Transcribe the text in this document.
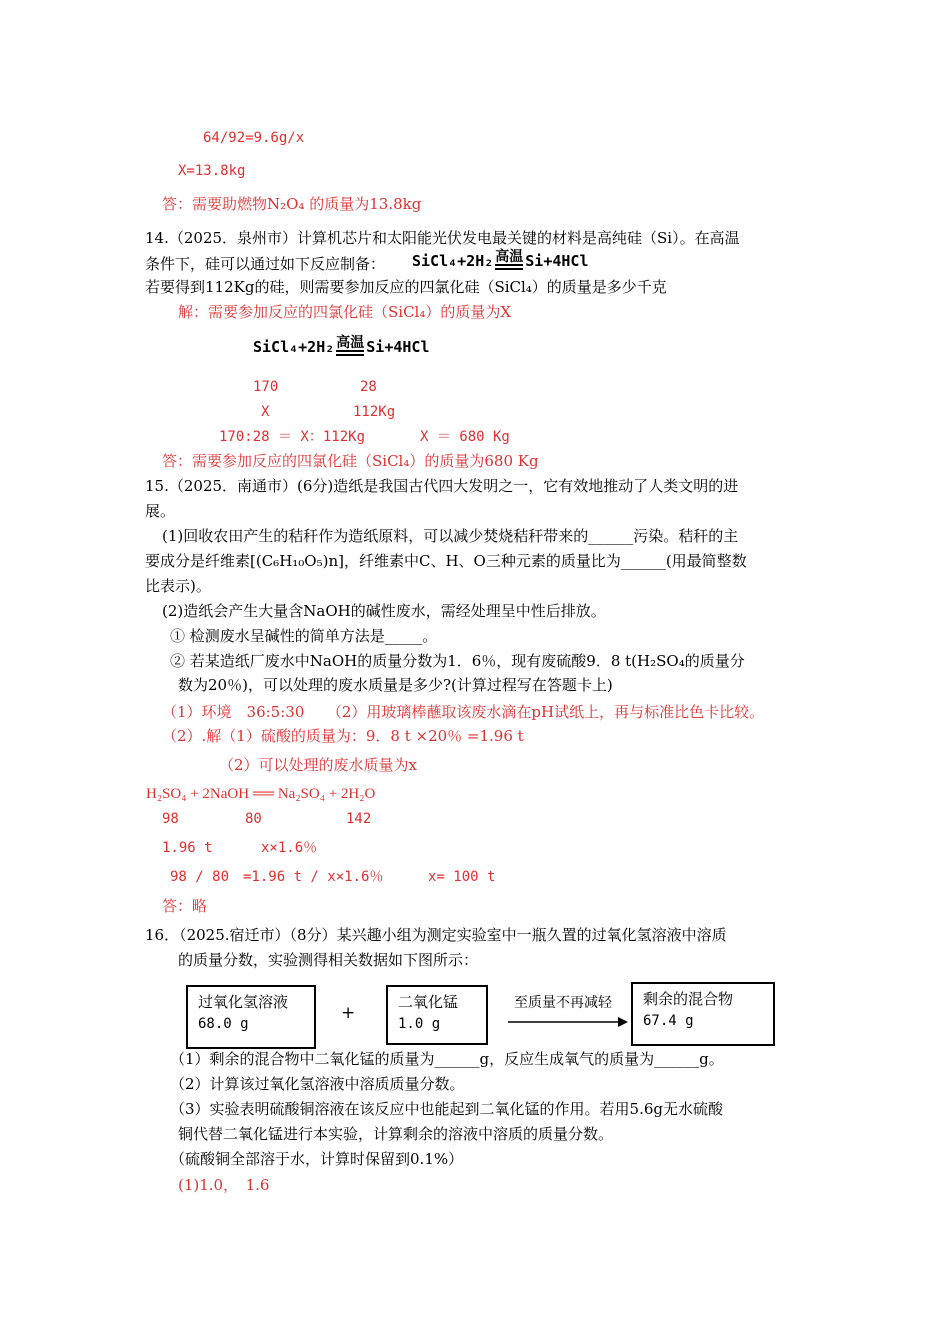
64/92=9.6g/x
X=13.8kg
答：需要助燃物N₂O₄ 的质量为13.8kg
14.（2025．泉州市）计算机芯片和太阳能光伏发电最关键的材料是高纯硅（Si）。在高温
条件下，硅可以通过如下反应制备： SiCl₄+2H₂ 高温 Si+4HCl
若要得到112Kg的硅，则需要参加反应的四氯化硅（SiCl₄）的质量是多少千克
解：需要参加反应的四氯化硅（SiCl₄）的质量为X
SiCl₄+2H₂ 高温 Si+4HCl
170	28
X	112Kg
170:28 ＝ X：112Kg	X ＝ 680 Kg
答：需要参加反应的四氯化硅（SiCl₄）的质量为680 Kg
15.（2025．南通市）(6分)造纸是我国古代四大发明之一，它有效地推动了人类文明的进
展。
(1)回收农田产生的秸秆作为造纸原料，可以减少焚烧秸秆带来的______污染。秸秆的主
要成分是纤维素[(C₆H₁₀O₅)n]，纤维素中C、H、O三种元素的质量比为______(用最简整数
比表示)。
(2)造纸会产生大量含NaOH的碱性废水，需经处理呈中性后排放。
① 检测废水呈碱性的简单方法是_____。
② 若某造纸厂废水中NaOH的质量分数为1．6％，现有废硫酸9．8 t(H₂SO₄的质量分
数为20％)，可以处理的废水质量是多少?(计算过程写在答题卡上)
（1）环境　36:5:30　　（2）用玻璃棒蘸取该废水滴在pH试纸上，再与标准比色卡比较。
（2）.解（1）硫酸的质量为：9．8 t ×20％ =1.96 t
（2）可以处理的废水质量为x
H₂SO₄ + 2NaOH ══ Na₂SO₄ + 2H₂O
98	80	142
1.96 t	x×1.6％
98 / 80　=1.96 t / x×1.6％	x= 100 t
答：略
16．（2025.宿迁市）（8分）某兴趣小组为测定实验室中一瓶久置的过氧化氢溶液中溶质
的质量分数，实验测得相关数据如下图所示：
过氧化氢溶液
68.0 g
+
二氧化锰
1.0 g
至质量不再减轻 剩余的混合物
67.4 g
（1）剩余的混合物中二氧化锰的质量为______g，反应生成氧气的质量为______g。
（2）计算该过氧化氢溶液中溶质质量分数。
（3）实验表明硫酸铜溶液在该反应中也能起到二氧化锰的作用。若用5.6g无水硫酸
铜代替二氧化锰进行本实验，计算剩余的溶液中溶质的质量分数。
（硫酸铜全部溶于水，计算时保留到0.1%）
(1)1.0，　1.6
